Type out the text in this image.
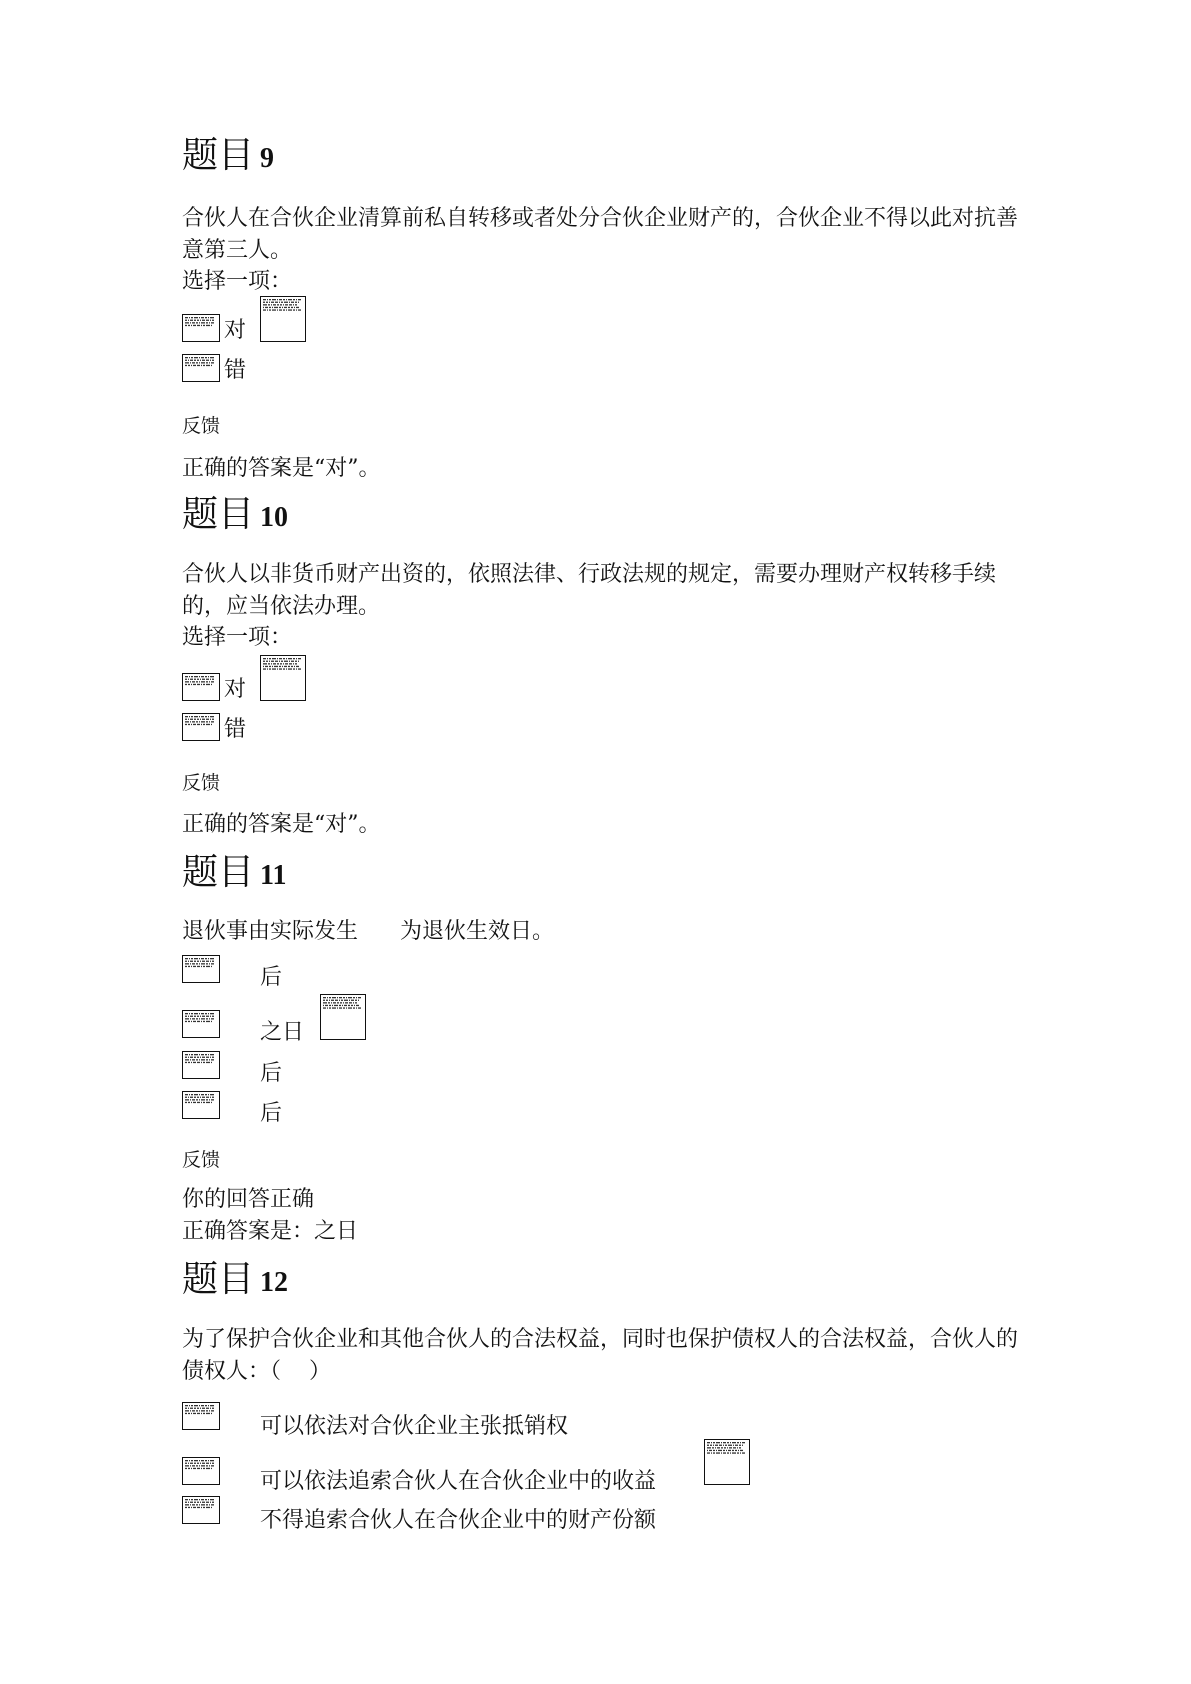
题目 9
合伙人在合伙企业清算前私自转移或者处分合伙企业财产的，合伙企业不得以此对抗善意第三人。
选择一项：
对
错
反馈
正确的答案是“对”。
题目 10
合伙人以非货币财产出资的，依照法律、行政法规的规定，需要办理财产权转移手续的，应当依法办理。
选择一项：
对
错
反馈
正确的答案是“对”。
题目 11
退伙事由实际发生      为退伙生效日。
后
之日
后
后
反馈
你的回答正确
正确答案是：之日
题目 12
为了保护合伙企业和其他合伙人的合法权益，同时也保护债权人的合法权益，合伙人的债权人：（    ）
可以依法对合伙企业主张抵销权
可以依法追索合伙人在合伙企业中的收益
不得追索合伙人在合伙企业中的财产份额
